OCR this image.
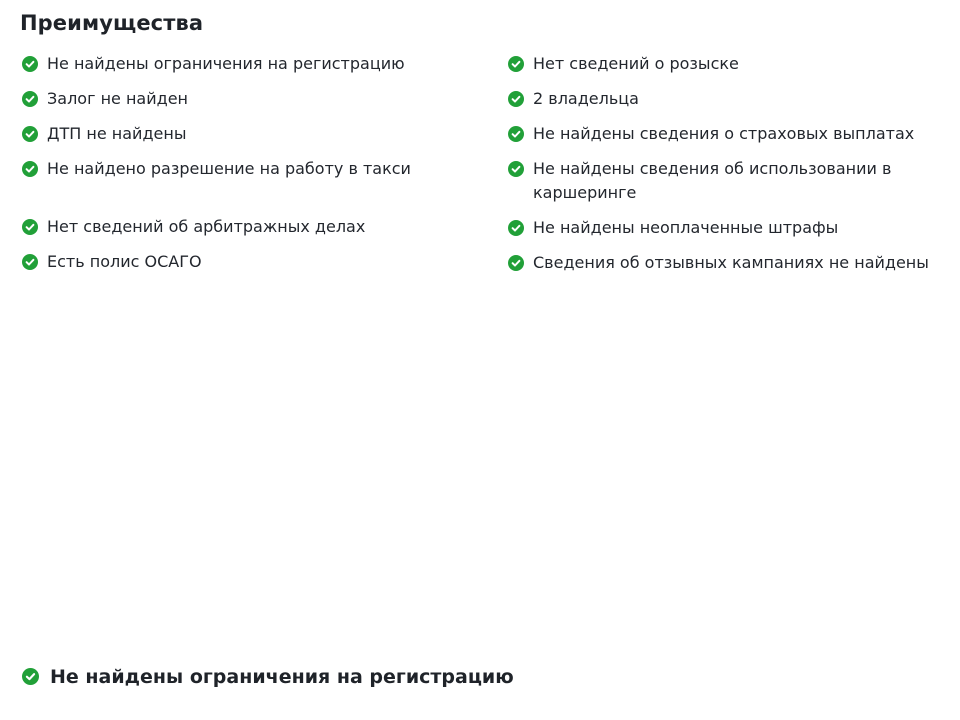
Преимущества
Не найдены ограничения на регистрацию
Залог не найден
ДТП не найдены
Не найдено разрешение на работу в такси
Нет сведений об арбитражных делах
Есть полис ОСАГО
Нет сведений о розыске
2 владельца
Не найдены сведения о страховых выплатах
Не найдены сведения об использовании в каршеринге
Не найдены неоплаченные штрафы
Сведения об отзывных кампаниях не найдены
Не найдены ограничения на регистрацию
